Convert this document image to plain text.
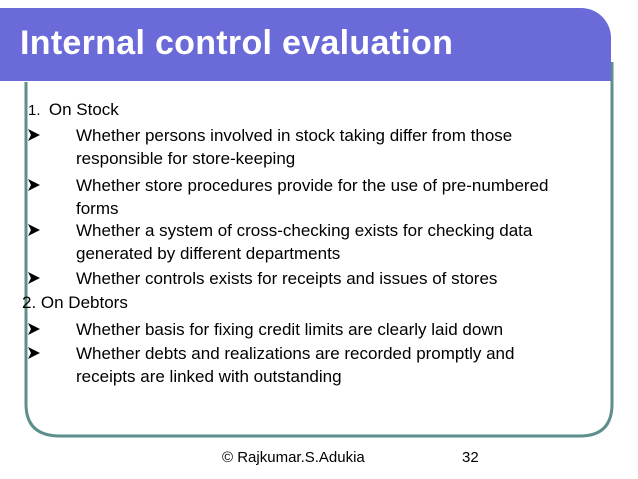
Internal control evaluation
1. On Stock
Whether persons involved in stock taking differ from those
responsible for store-keeping
Whether store procedures provide for the use of pre-numbered
forms
Whether a system of cross-checking exists for checking data
generated by different departments
Whether controls exists for receipts and issues of stores
2. On Debtors
Whether basis for fixing credit limits are clearly laid down
Whether debts and realizations are recorded promptly and
receipts are linked with outstanding
© Rajkumar.S.Adukia	32
